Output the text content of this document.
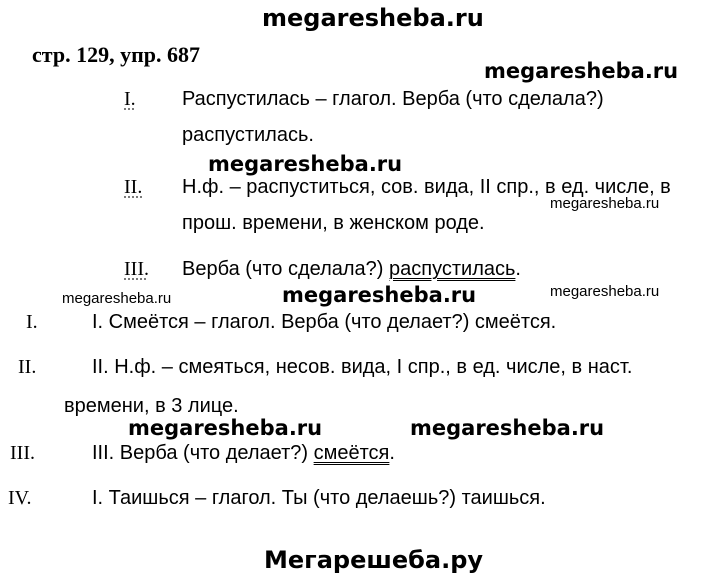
megaresheba.ru
стр. 129, упр. 687
megaresheba.ru
I. Распустилась – глагол. Верба (что сделала?)
распустилась.
megaresheba.ru
II. Н.ф. – распуститься, сов. вида, II спр., в ед. числе, в
megaresheba.ru
прош. времени, в женском роде.
III. Верба (что сделала?) распустилась.
megaresheba.ru	megaresheba.ru	megaresheba.ru
I.	I. Смеётся – глагол. Верба (что делает?) смеётся.
II.	II. Н.ф. – смеяться, несов. вида, I спр., в ед. числе, в наст.
времени, в 3 лице.
megaresheba.ru	megaresheba.ru
III.	III. Верба (что делает?) смеётся.
IV.	I. Таишься – глагол. Ты (что делаешь?) таишься.
Мегарешеба.ру
